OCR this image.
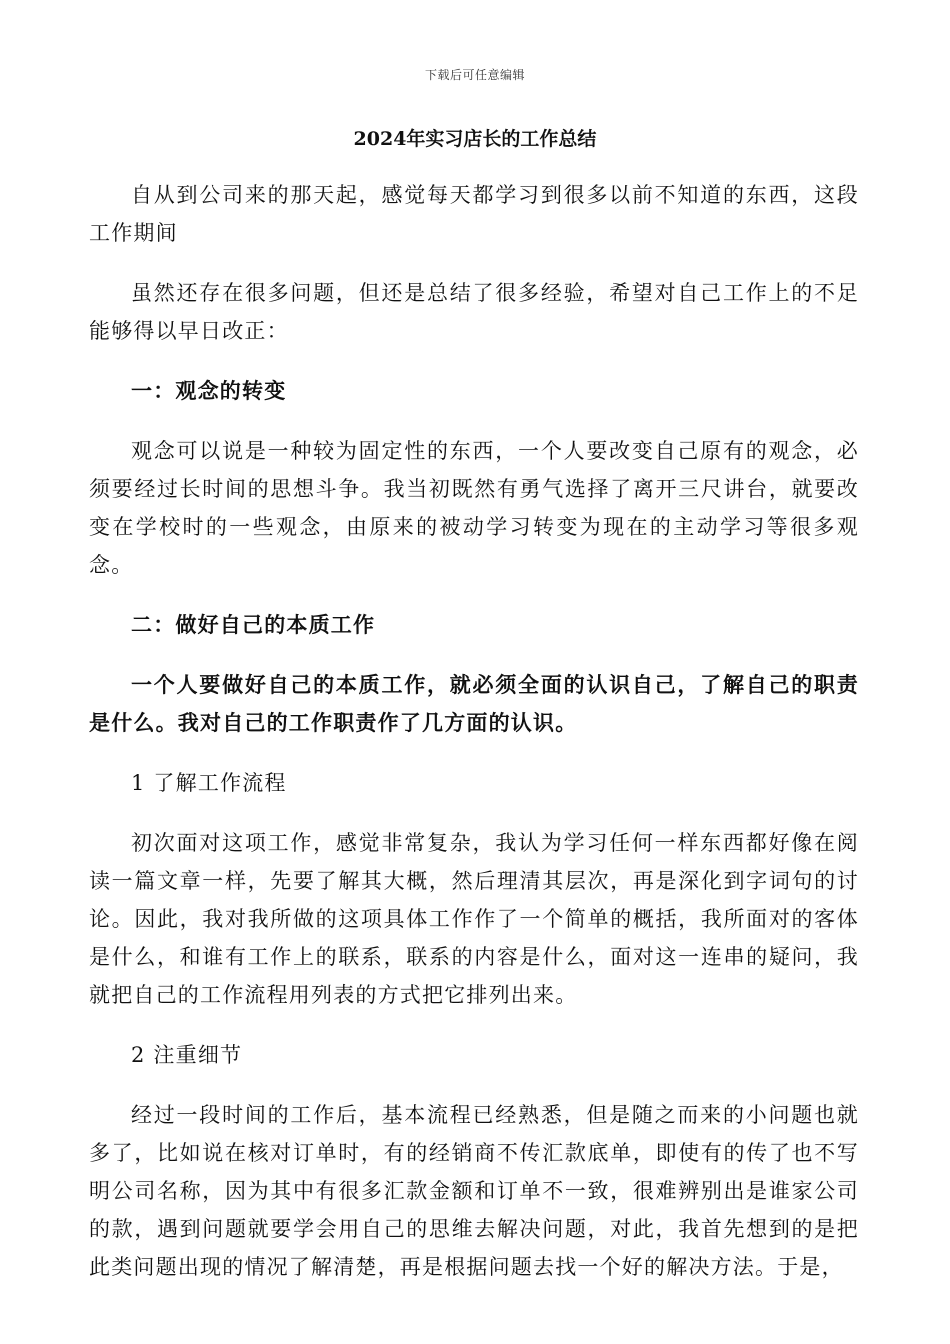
下载后可任意编辑
2024年实习店长的工作总结

自从到公司来的那天起，感觉每天都学习到很多以前不知道的东西，这段工作期间

虽然还存在很多问题，但还是总结了很多经验，希望对自己工作上的不足能够得以早日改正：

一：观念的转变

观念可以说是一种较为固定性的东西，一个人要改变自己原有的观念，必须要经过长时间的思想斗争。我当初既然有勇气选择了离开三尺讲台，就要改变在学校时的一些观念，由原来的被动学习转变为现在的主动学习等很多观念。

二：做好自己的本质工作

一个人要做好自己的本质工作，就必须全面的认识自己，了解自己的职责是什么。我对自己的工作职责作了几方面的认识。

1 了解工作流程

初次面对这项工作，感觉非常复杂，我认为学习任何一样东西都好像在阅读一篇文章一样，先要了解其大概，然后理清其层次，再是深化到字词句的讨论。因此，我对我所做的这项具体工作作了一个简单的概括，我所面对的客体是什么，和谁有工作上的联系，联系的内容是什么，面对这一连串的疑问，我就把自己的工作流程用列表的方式把它排列出来。

2 注重细节

经过一段时间的工作后，基本流程已经熟悉，但是随之而来的小问题也就多了，比如说在核对订单时，有的经销商不传汇款底单，即使有的传了也不写明公司名称，因为其中有很多汇款金额和订单不一致，很难辨别出是谁家公司的款，遇到问题就要学会用自己的思维去解决问题，对此，我首先想到的是把此类问题出现的情况了解清楚，再是根据问题去找一个好的解决方法。于是，
